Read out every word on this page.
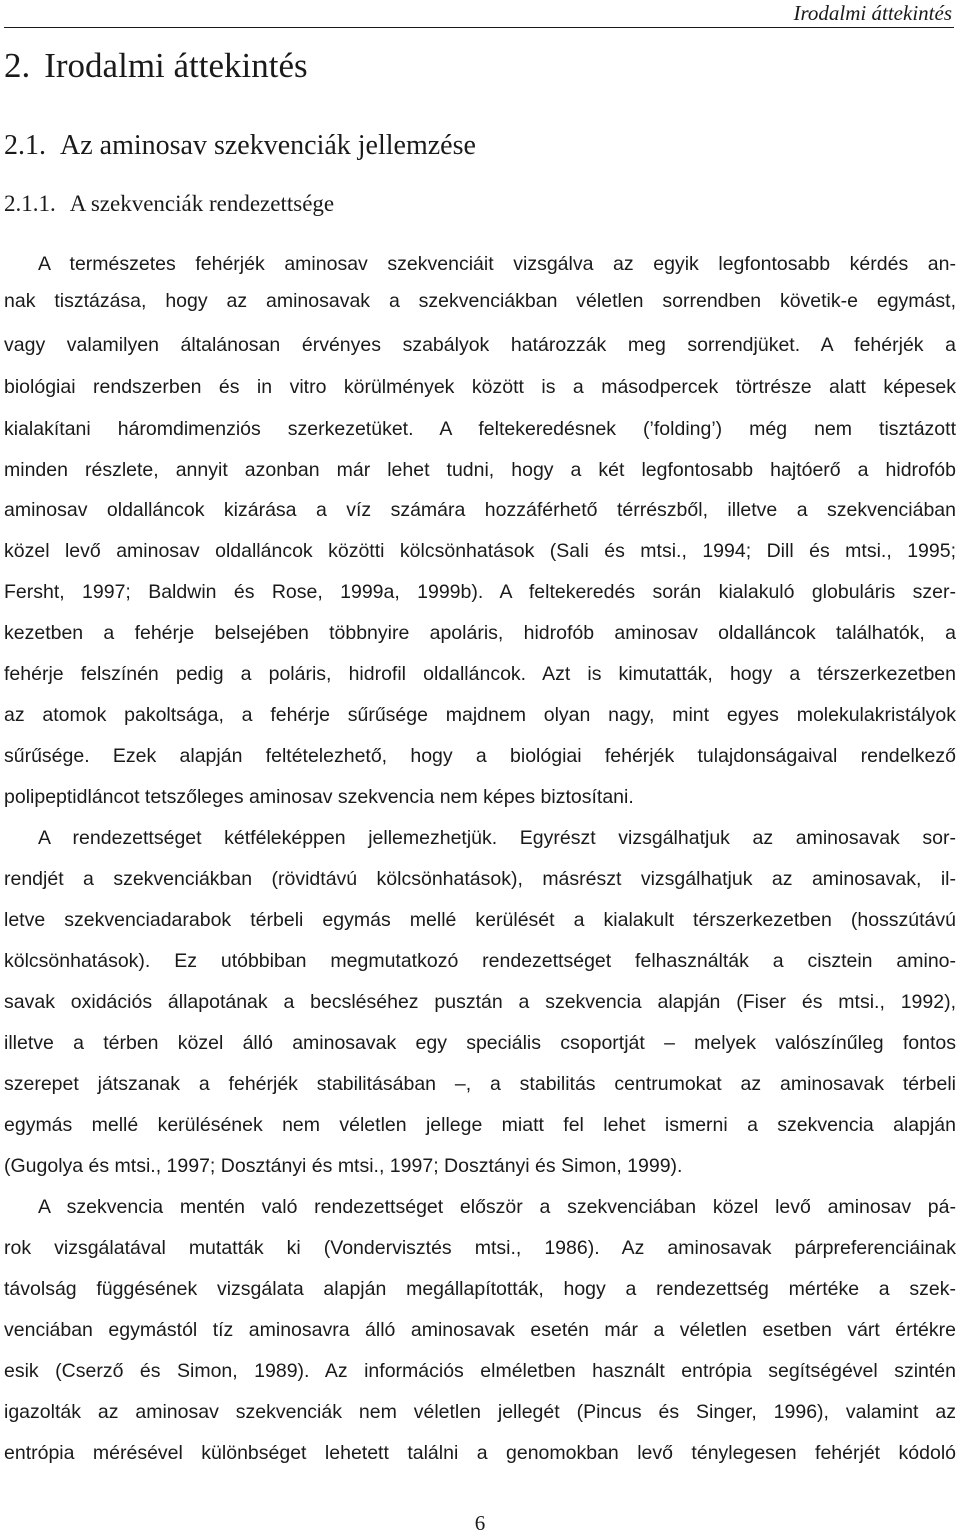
Irodalmi áttekintés
2. Irodalmi áttekintés
2.1. Az aminosav szekvenciák jellemzése
2.1.1. A szekvenciák rendezettsége
A természetes fehérjék aminosav szekvenciáit vizsgálva az egyik legfontosabb kérdés an-
nak tisztázása, hogy az aminosavak a szekvenciákban véletlen sorrendben követik-e egymást,
vagy valamilyen általánosan érvényes szabályok határozzák meg sorrendjüket. A fehérjék a
biológiai rendszerben és in vitro körülmények között is a másodpercek törtrésze alatt képesek
kialakítani háromdimenziós szerkezetüket. A feltekeredésnek (’folding’) még nem tisztázott
minden részlete, annyit azonban már lehet tudni, hogy a két legfontosabb hajtóerő a hidrofób
aminosav oldalláncok kizárása a víz számára hozzáférhető térrészből, illetve a szekvenciában
közel levő aminosav oldalláncok közötti kölcsönhatások (Sali és mtsi., 1994; Dill és mtsi., 1995;
Fersht, 1997; Baldwin és Rose, 1999a, 1999b). A feltekeredés során kialakuló globuláris szer-
kezetben a fehérje belsejében többnyire apoláris, hidrofób aminosav oldalláncok találhatók, a
fehérje felszínén pedig a poláris, hidrofil oldalláncok. Azt is kimutatták, hogy a térszerkezetben
az atomok pakoltsága, a fehérje sűrűsége majdnem olyan nagy, mint egyes molekulakristályok
sűrűsége. Ezek alapján feltételezhető, hogy a biológiai fehérjék tulajdonságaival rendelkező
polipeptidláncot tetszőleges aminosav szekvencia nem képes biztosítani.
A rendezettséget kétféleképpen jellemezhetjük. Egyrészt vizsgálhatjuk az aminosavak sor-
rendjét a szekvenciákban (rövidtávú kölcsönhatások), másrészt vizsgálhatjuk az aminosavak, il-
letve szekvenciadarabok térbeli egymás mellé kerülését a kialakult térszerkezetben (hosszútávú
kölcsönhatások). Ez utóbbiban megmutatkozó rendezettséget felhasználták a cisztein amino-
savak oxidációs állapotának a becsléséhez pusztán a szekvencia alapján (Fiser és mtsi., 1992),
illetve a térben közel álló aminosavak egy speciális csoportját – melyek valószínűleg fontos
szerepet játszanak a fehérjék stabilitásában –, a stabilitás centrumokat az aminosavak térbeli
egymás mellé kerülésének nem véletlen jellege miatt fel lehet ismerni a szekvencia alapján
(Gugolya és mtsi., 1997; Dosztányi és mtsi., 1997; Dosztányi és Simon, 1999).
A szekvencia mentén való rendezettséget először a szekvenciában közel levő aminosav pá-
rok vizsgálatával mutatták ki (Vondervisztés mtsi., 1986). Az aminosavak párpreferenciáinak
távolság függésének vizsgálata alapján megállapították, hogy a rendezettség mértéke a szek-
venciában egymástól tíz aminosavra álló aminosavak esetén már a véletlen esetben várt értékre
esik (Cserző és Simon, 1989). Az információs elméletben használt entrópia segítségével szintén
igazolták az aminosav szekvenciák nem véletlen jellegét (Pincus és Singer, 1996), valamint az
entrópia mérésével különbséget lehetett találni a genomokban levő ténylegesen fehérjét kódoló
6
